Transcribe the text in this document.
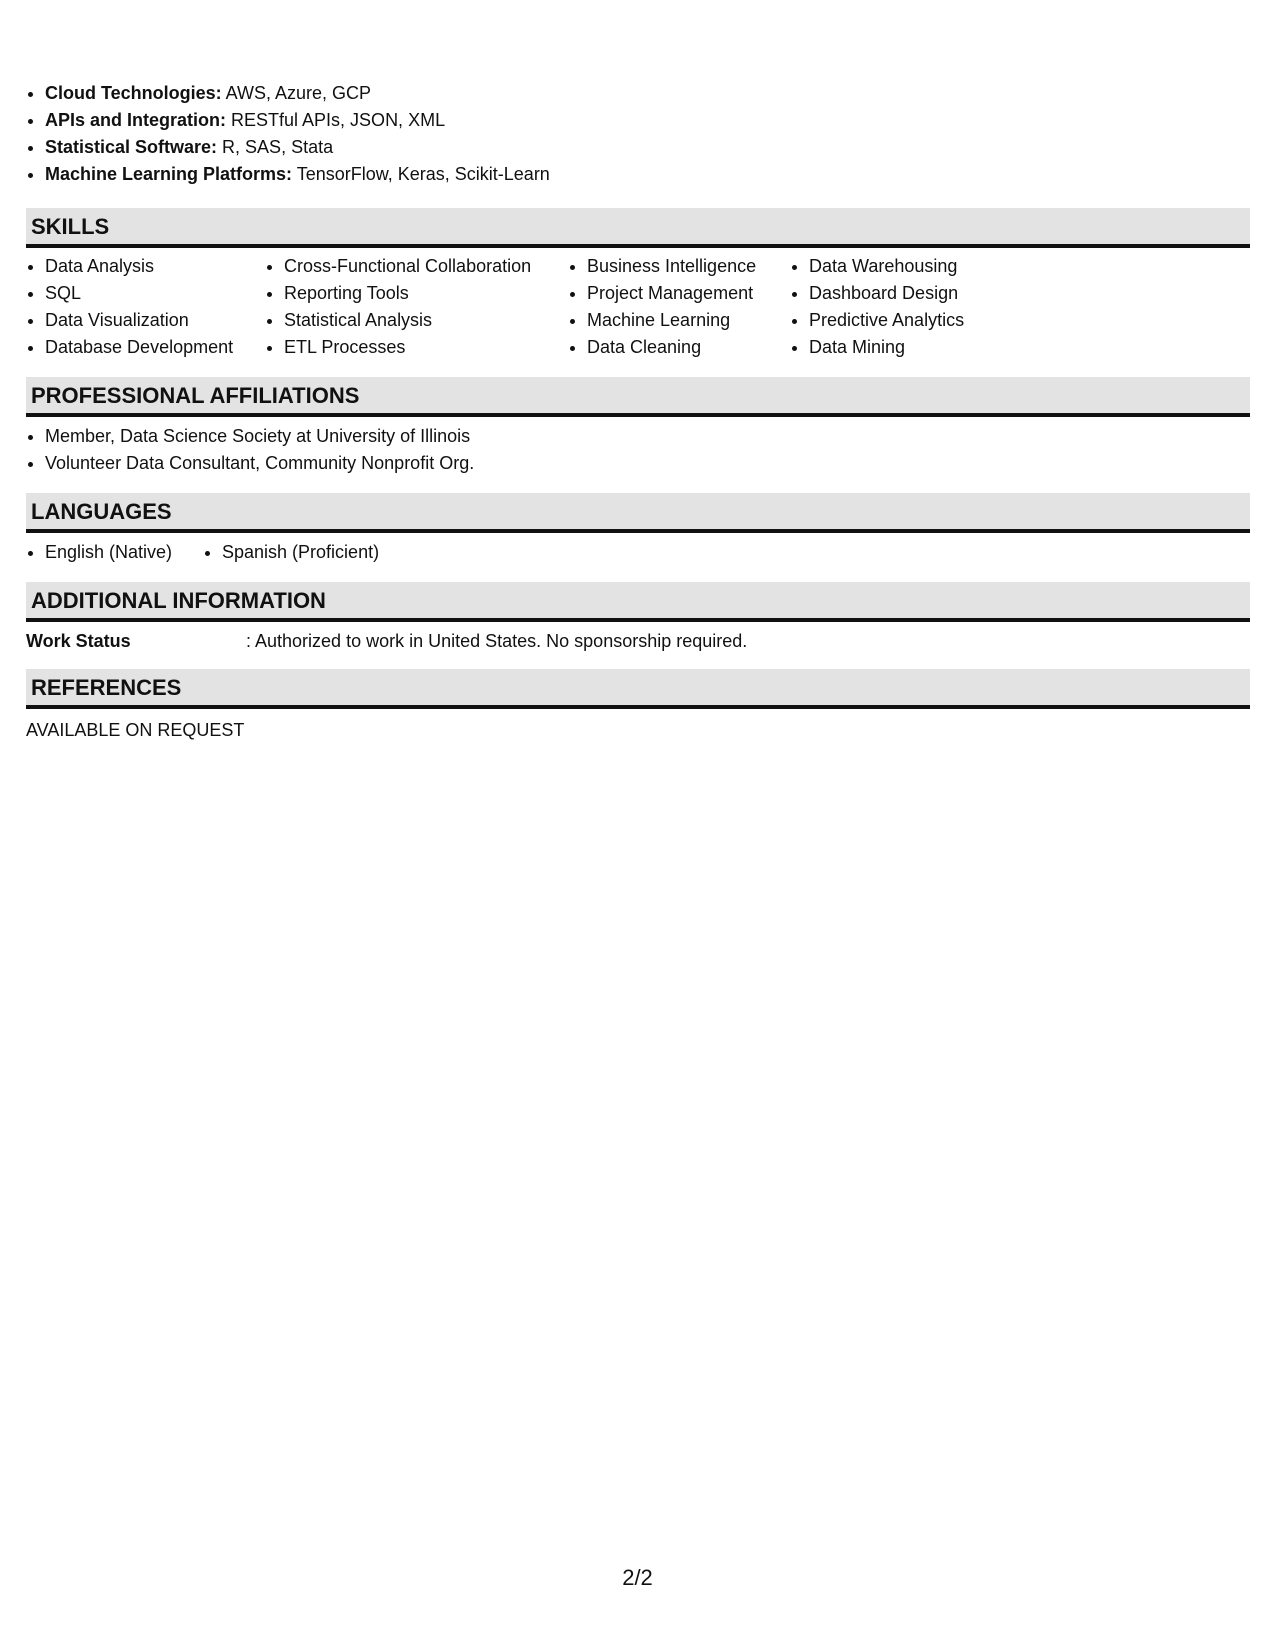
• Cloud Technologies: AWS, Azure, GCP
• APIs and Integration: RESTful APIs, JSON, XML
• Statistical Software: R, SAS, Stata
• Machine Learning Platforms: TensorFlow, Keras, Scikit-Learn
SKILLS
• Data Analysis
• SQL
• Data Visualization
• Database Development
• Cross-Functional Collaboration
• Reporting Tools
• Statistical Analysis
• ETL Processes
• Business Intelligence
• Project Management
• Machine Learning
• Data Cleaning
• Data Warehousing
• Dashboard Design
• Predictive Analytics
• Data Mining
PROFESSIONAL AFFILIATIONS
• Member, Data Science Society at University of Illinois
• Volunteer Data Consultant, Community Nonprofit Org.
LANGUAGES
• English (Native)
•	Spanish (Proficient)
ADDITIONAL INFORMATION
Work Status	: Authorized to work in United States. No sponsorship required.
REFERENCES
AVAILABLE ON REQUEST
2/2
